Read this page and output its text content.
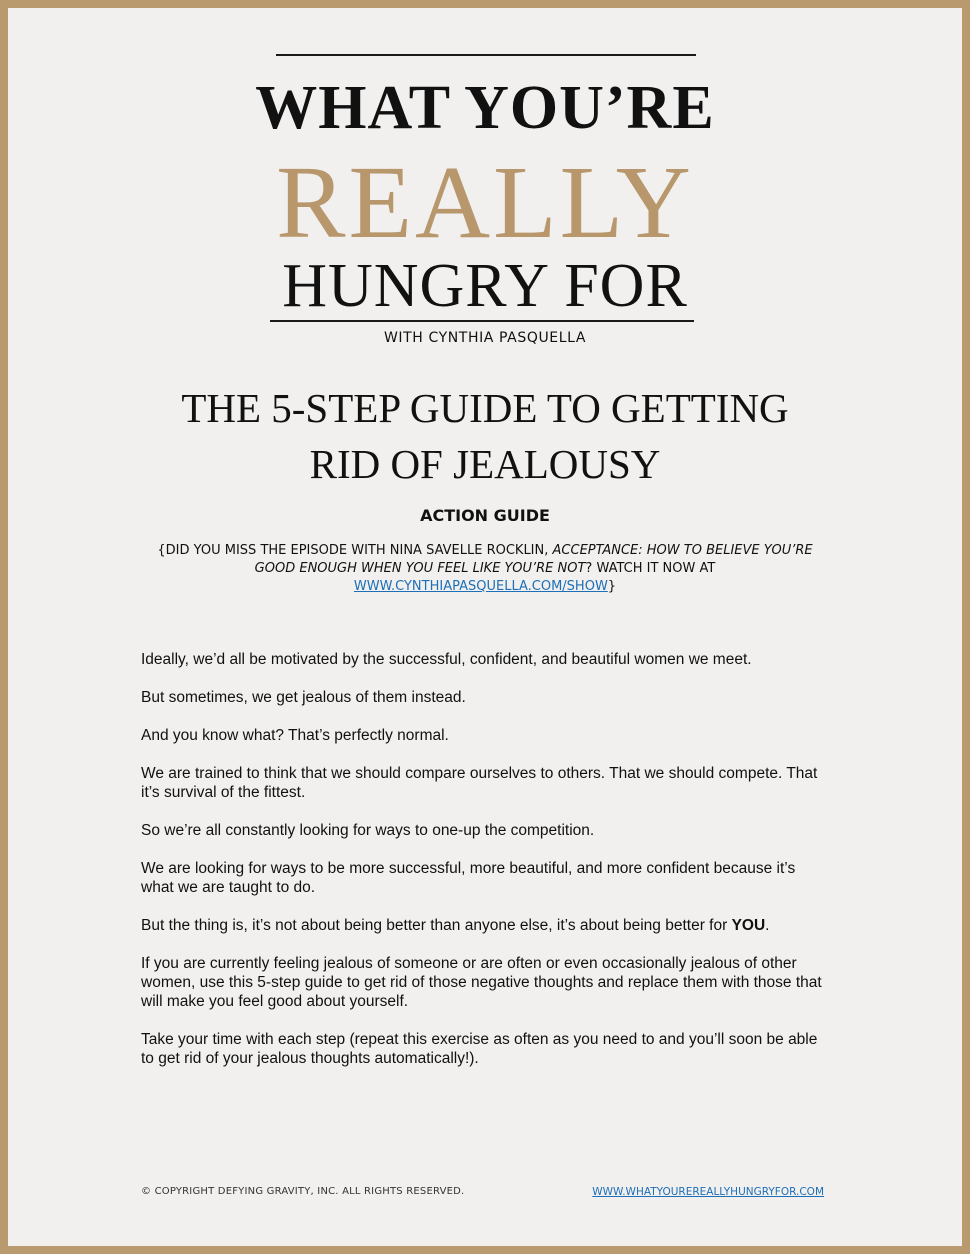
WHAT YOU’RE
REALLY
HUNGRY FOR
WITH CYNTHIA PASQUELLA
THE 5-STEP GUIDE TO GETTING
RID OF JEALOUSY
ACTION GUIDE
{DID YOU MISS THE EPISODE WITH NINA SAVELLE ROCKLIN, ACCEPTANCE: HOW TO BELIEVE YOU’RE GOOD ENOUGH WHEN YOU FEEL LIKE YOU’RE NOT? WATCH IT NOW AT WWW.CYNTHIAPASQUELLA.COM/SHOW}

Ideally, we’d all be motivated by the successful, confident, and beautiful women we meet.

But sometimes, we get jealous of them instead.

And you know what? That’s perfectly normal.

We are trained to think that we should compare ourselves to others. That we should compete. That it’s survival of the fittest.

So we’re all constantly looking for ways to one-up the competition.

We are looking for ways to be more successful, more beautiful, and more confident because it’s what we are taught to do.

But the thing is, it’s not about being better than anyone else, it’s about being better for YOU.

If you are currently feeling jealous of someone or are often or even occasionally jealous of other women, use this 5-step guide to get rid of those negative thoughts and replace them with those that will make you feel good about yourself.

Take your time with each step (repeat this exercise as often as you need to and you’ll soon be able to get rid of your jealous thoughts automatically!).

© COPYRIGHT DEFYING GRAVITY, INC. ALL RIGHTS RESERVED.	WWW.WHATYOUREREALLYHUNGRYFOR.COM
